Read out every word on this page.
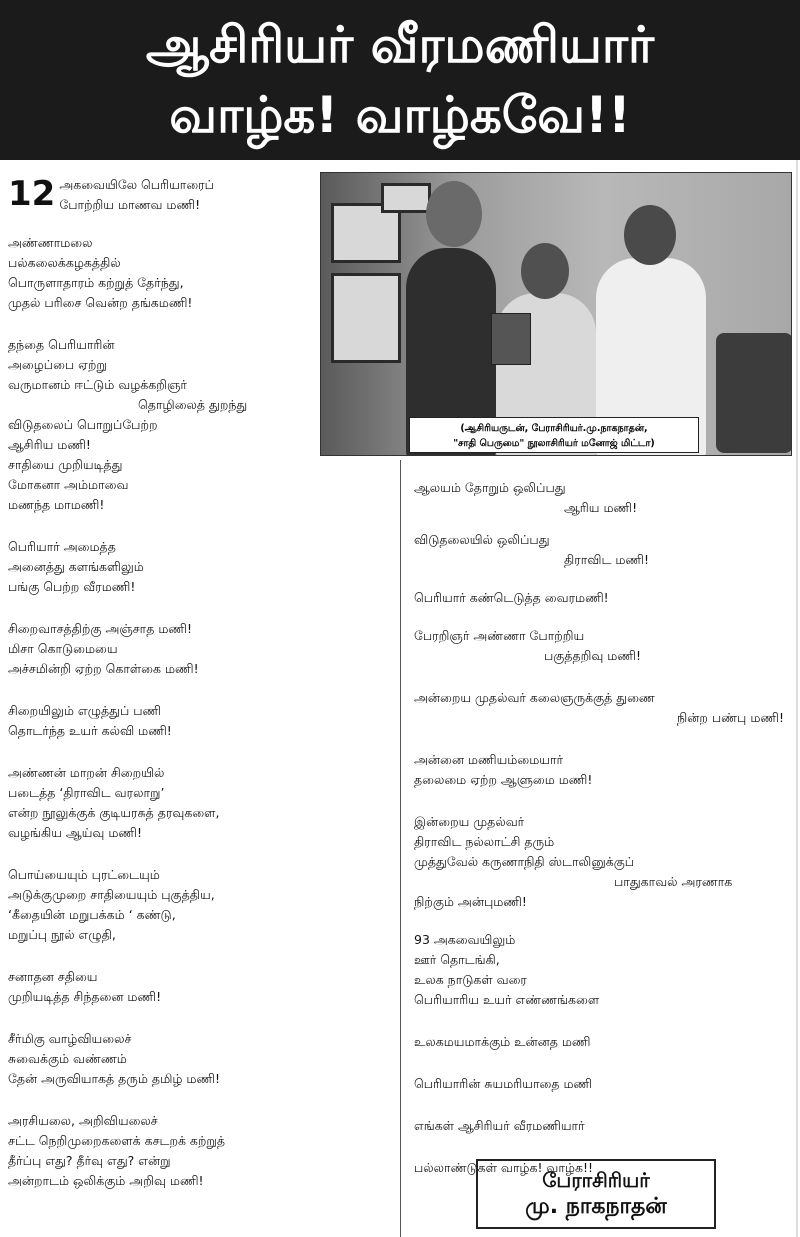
ஆசிரியர் வீரமணியார்
வாழ்க! வாழ்கவே!!
12 அகவையிலே பெரியாரைப்
போற்றிய மாணவ மணி!
அண்ணாமலை
பல்கலைக்கழகத்தில்
பொருளாதாரம் கற்றுத் தேர்ந்து,
முதல் பரிசை வென்ற தங்கமணி!
தந்தை பெரியாரின்
அழைப்பை ஏற்று
வருமானம் ஈட்டும் வழக்கறிஞர்
தொழிலைத் துறந்து
விடுதலைப் பொறுப்பேற்ற
ஆசிரிய மணி!
சாதியை முறியடித்து
மோகனா அம்மாவை
மணந்த மாமணி!
பெரியார் அமைத்த
அனைத்து களங்களிலும்
பங்கு பெற்ற வீரமணி!
சிறைவாசத்திற்கு அஞ்சாத மணி!
மிசா கொடுமையை
அச்சமின்றி ஏற்ற கொள்கை மணி!
சிறையிலும் எழுத்துப் பணி
தொடர்ந்த உயர் கல்வி மணி!
அண்ணன் மாறன் சிறையில்
படைத்த ‘திராவிட வரலாறு’
என்ற நூலுக்குக் குடியரசுத் தரவுகளை,
வழங்கிய ஆய்வு மணி!
பொய்யையும் புரட்டையும்
அடுக்குமுறை சாதியையும் புகுத்திய,
‘கீதையின் மறுபக்கம் ‘ கண்டு,
மறுப்பு நூல் எழுதி,
சனாதன சதியை
முறியடித்த சிந்தனை மணி!
சீர்மிகு வாழ்வியலைச்
சுவைக்கும் வண்ணம்
தேன் அருவியாகத் தரும் தமிழ் மணி!
அரசியலை, அறிவியலைச்
சட்ட நெறிமுறைகளைக் கசடறக் கற்றுத்
தீர்ப்பு எது? தீர்வு எது? என்று
அன்றாடம் ஒலிக்கும் அறிவு மணி!
(ஆசிரியருடன், பேராசிரியர்.மு.நாகநாதன்,
"சாதி பெருமை" நூலாசிரியர் மனோஜ் மிட்டா)
ஆலயம் தோறும் ஒலிப்பது
ஆரிய மணி!
விடுதலையில் ஒலிப்பது
திராவிட மணி!
பெரியார் கண்டெடுத்த வைரமணி!
பேரறிஞர் அண்ணா போற்றிய
பகுத்தறிவு மணி!
அன்றைய முதல்வர் கலைஞருக்குத் துணை
நின்ற பண்பு மணி!
அன்னை மணியம்மையார்
தலைமை ஏற்ற ஆளுமை மணி!
இன்றைய முதல்வர்
திராவிட நல்லாட்சி தரும்
முத்துவேல் கருணாநிதி ஸ்டாலினுக்குப்
பாதுகாவல் அரணாக
நிற்கும் அன்புமணி!
93 அகவையிலும்
ஊர் தொடங்கி,
உலக நாடுகள் வரை
பெரியாரிய உயர் எண்ணங்களை
உலகமயமாக்கும் உன்னத மணி
பெரியாரின் சுயமரியாதை மணி
எங்கள் ஆசிரியர் வீரமணியார்
பல்லாண்டுகள் வாழ்க! வாழ்க!!
பேராசிரியர்
மு. நாகநாதன்
